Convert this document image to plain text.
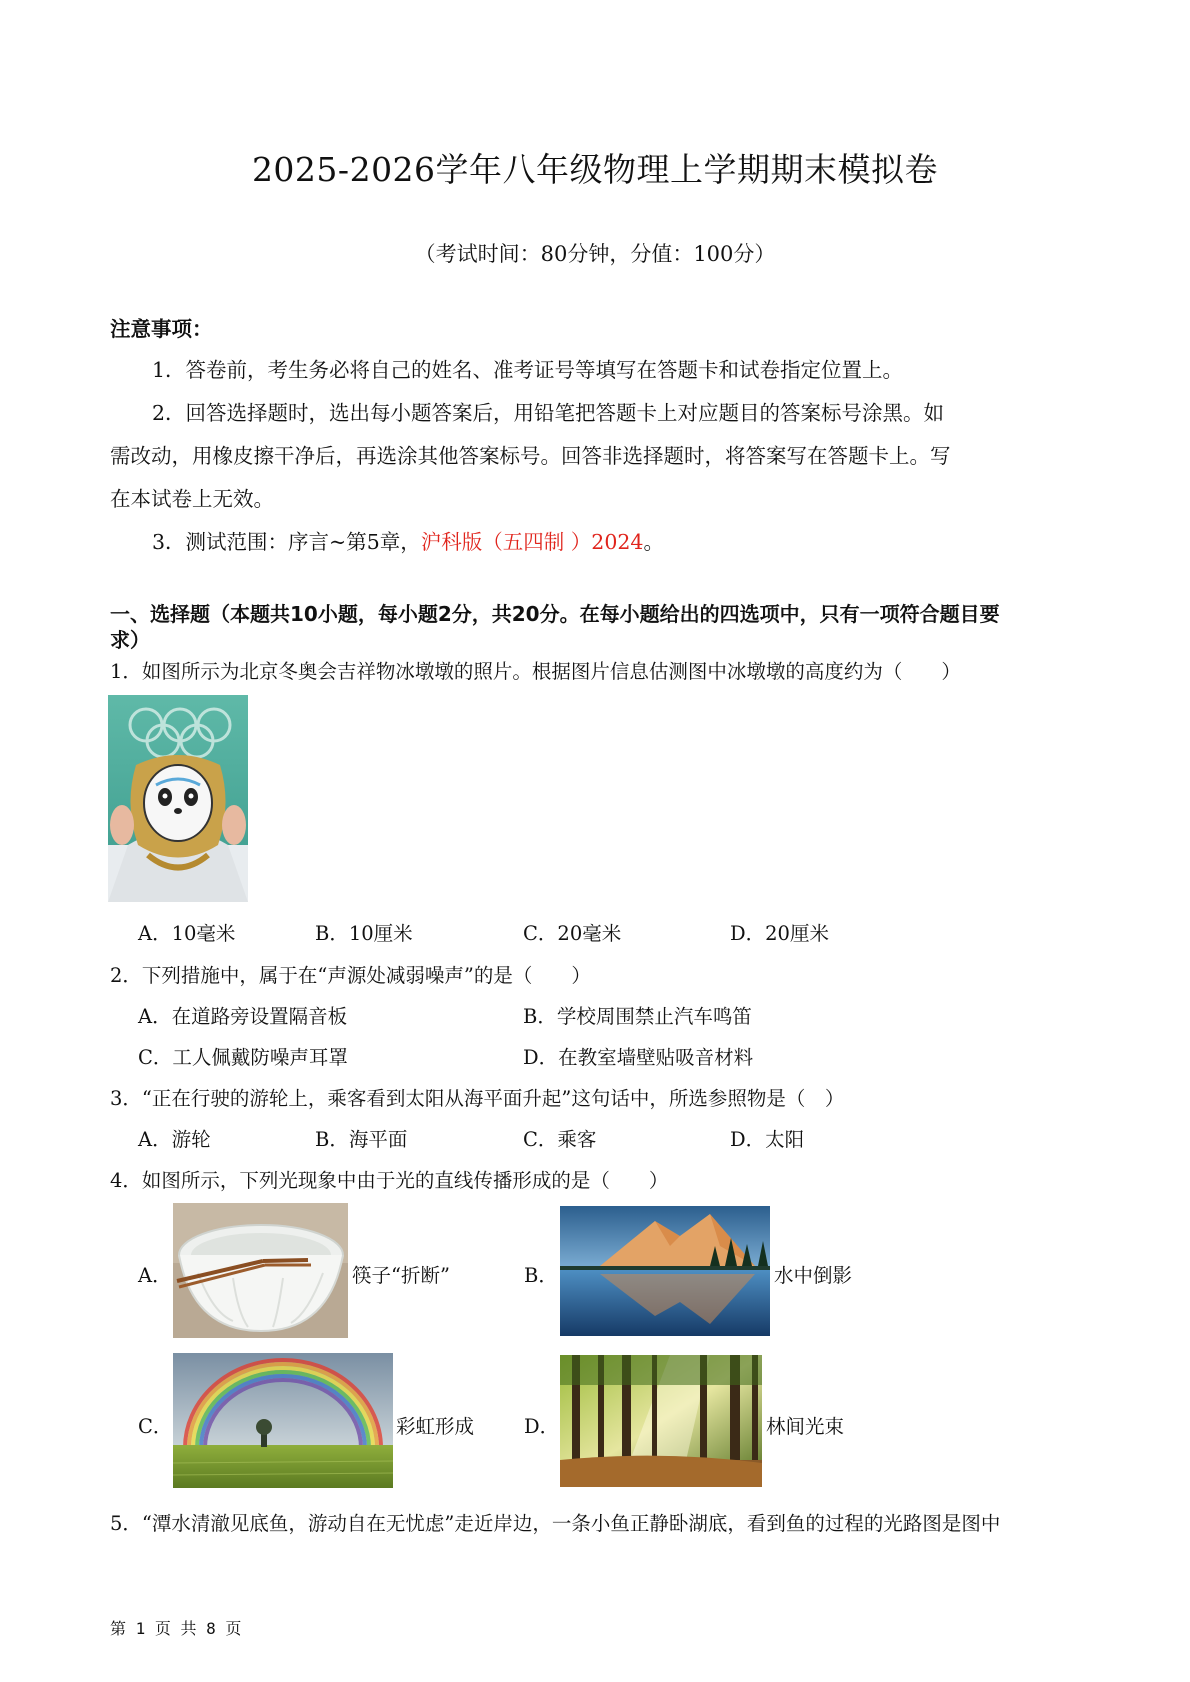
2025-2026学年八年级物理上学期期末模拟卷
（考试时间：80分钟，分值：100分）
注意事项：
1．答卷前，考生务必将自己的姓名、准考证号等填写在答题卡和试卷指定位置上。
2．回答选择题时，选出每小题答案后，用铅笔把答题卡上对应题目的答案标号涂黑。如
需改动，用橡皮擦干净后，再选涂其他答案标号。回答非选择题时，将答案写在答题卡上。写
在本试卷上无效。
3．测试范围：序言~第5章，沪科版（五四制 ）2024。
一、选择题（本题共10小题，每小题2分，共20分。在每小题给出的四选项中，只有一项符合题目要
求）
1．如图所示为北京冬奥会吉祥物冰墩墩的照片。根据图片信息估测图中冰墩墩的高度约为（　　）
A．10毫米	B．10厘米	C．20毫米	D．20厘米
2．下列措施中，属于在“声源处减弱噪声”的是（　　）
A．在道路旁设置隔音板	B．学校周围禁止汽车鸣笛
C．工人佩戴防噪声耳罩	D．在教室墙壁贴吸音材料
3．“正在行驶的游轮上，乘客看到太阳从海平面升起”这句话中，所选参照物是（　）
A．游轮	B．海平面	C．乘客	D．太阳
4．如图所示，下列光现象中由于光的直线传播形成的是（　　）
A．	筷子“折断”	B．	水中倒影
C．	彩虹形成	D．	林间光束
5．“潭水清澈见底鱼，游动自在无忧虑”走近岸边，一条小鱼正静卧湖底，看到鱼的过程的光路图是图中
第 1 页 共 8 页
